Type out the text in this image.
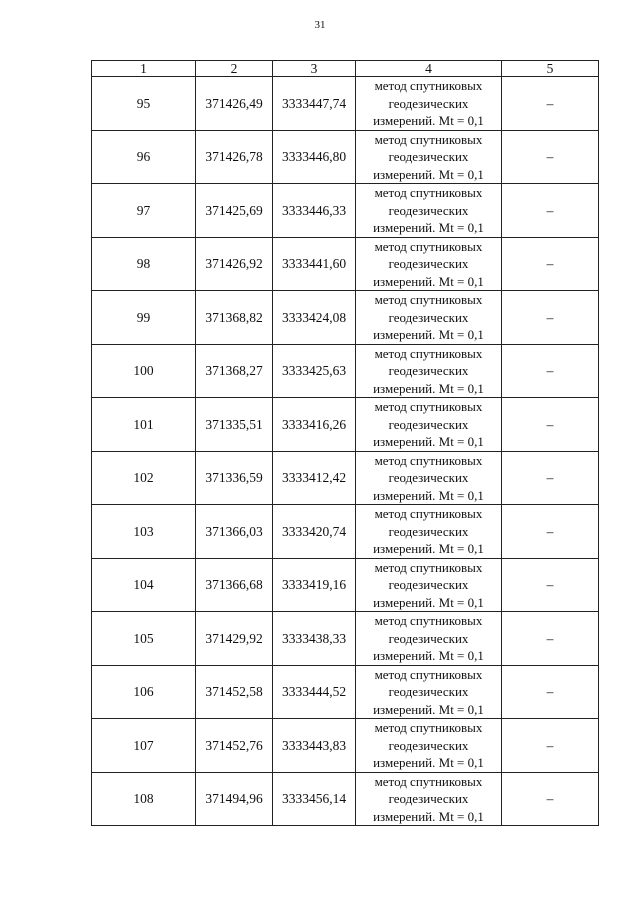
31
1	2	3	4	5
95	371426,49	3333447,74	метод спутниковых
геодезических
измерений. Mt = 0,1	–
96	371426,78	3333446,80	метод спутниковых
геодезических
измерений. Mt = 0,1	–
97	371425,69	3333446,33	метод спутниковых
геодезических
измерений. Mt = 0,1	–
98	371426,92	3333441,60	метод спутниковых
геодезических
измерений. Mt = 0,1	–
99	371368,82	3333424,08	метод спутниковых
геодезических
измерений. Mt = 0,1	–
100	371368,27	3333425,63	метод спутниковых
геодезических
измерений. Mt = 0,1	–
101	371335,51	3333416,26	метод спутниковых
геодезических
измерений. Mt = 0,1	–
102	371336,59	3333412,42	метод спутниковых
геодезических
измерений. Mt = 0,1	–
103	371366,03	3333420,74	метод спутниковых
геодезических
измерений. Mt = 0,1	–
104	371366,68	3333419,16	метод спутниковых
геодезических
измерений. Mt = 0,1	–
105	371429,92	3333438,33	метод спутниковых
геодезических
измерений. Mt = 0,1	–
106	371452,58	3333444,52	метод спутниковых
геодезических
измерений. Mt = 0,1	–
107	371452,76	3333443,83	метод спутниковых
геодезических
измерений. Mt = 0,1	–
108	371494,96	3333456,14	метод спутниковых
геодезических
измерений. Mt = 0,1	–
